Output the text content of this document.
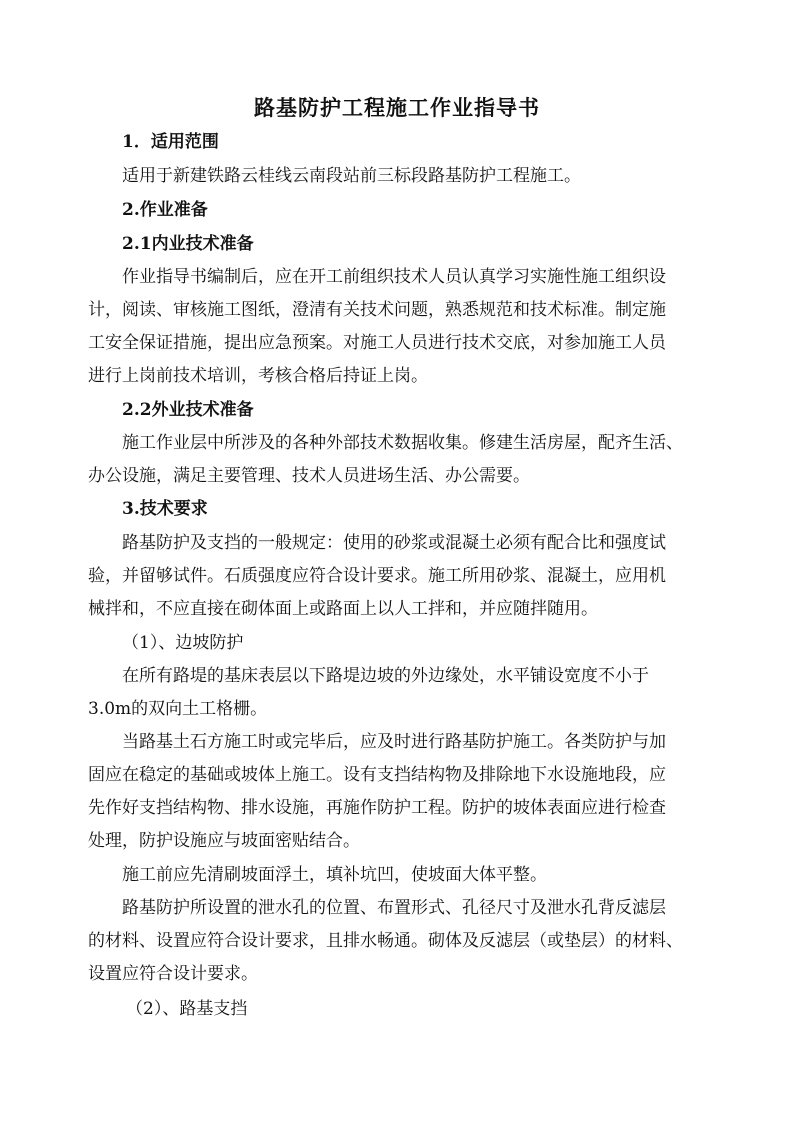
路基防护工程施工作业指导书
1．适用范围
适用于新建铁路云桂线云南段站前三标段路基防护工程施工。
2.作业准备
2.1内业技术准备
作业指导书编制后，应在开工前组织技术人员认真学习实施性施工组织设
计，阅读、审核施工图纸，澄清有关技术问题，熟悉规范和技术标准。制定施
工安全保证措施，提出应急预案。对施工人员进行技术交底，对参加施工人员
进行上岗前技术培训，考核合格后持证上岗。
2.2外业技术准备
施工作业层中所涉及的各种外部技术数据收集。修建生活房屋，配齐生活、
办公设施，满足主要管理、技术人员进场生活、办公需要。
3.技术要求
路基防护及支挡的一般规定：使用的砂浆或混凝土必须有配合比和强度试
验，并留够试件。石质强度应符合设计要求。施工所用砂浆、混凝土，应用机
械拌和，不应直接在砌体面上或路面上以人工拌和，并应随拌随用。
（1）、边坡防护
在所有路堤的基床表层以下路堤边坡的外边缘处，水平铺设宽度不小于
3.0m的双向土工格栅。
当路基土石方施工时或完毕后，应及时进行路基防护施工。各类防护与加
固应在稳定的基础或坡体上施工。设有支挡结构物及排除地下水设施地段，应
先作好支挡结构物、排水设施，再施作防护工程。防护的坡体表面应进行检查
处理，防护设施应与坡面密贴结合。
施工前应先清刷坡面浮土，填补坑凹，使坡面大体平整。
路基防护所设置的泄水孔的位置、布置形式、孔径尺寸及泄水孔背反滤层
的材料、设置应符合设计要求，且排水畅通。砌体及反滤层（或垫层）的材料、
设置应符合设计要求。
（2）、路基支挡
